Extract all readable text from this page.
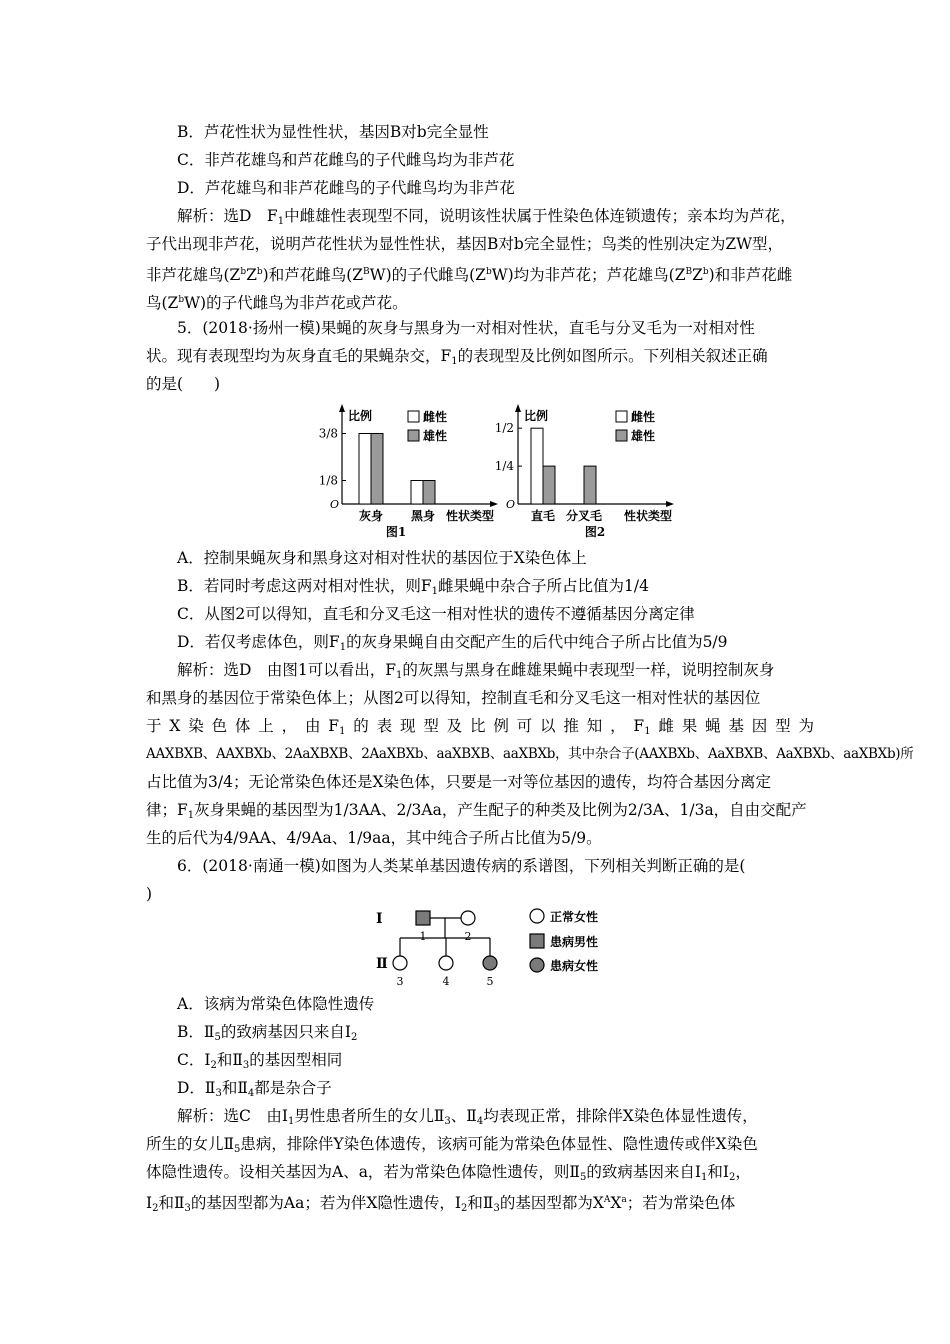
B．芦花性状为显性性状，基因B对b完全显性

C．非芦花雄鸟和芦花雌鸟的子代雌鸟均为非芦花

D．芦花雄鸟和非芦花雌鸟的子代雌鸟均为非芦花

解析：选D　$F_1$中雌雄性表现型不同，说明该性状属于性染色体连锁遗传；亲本均为芦花，

子代出现非芦花，说明芦花性状为显性性状，基因B对b完全显性；鸟类的性别决定为ZW型，

非芦花雄鸟$(Z^bZ^b)$和芦花雌鸟$(Z^BW)$的子代雌鸟$(Z^bW)$均为非芦花；芦花雄鸟$(Z^BZ^b)$和非芦花雌

鸟$(Z^bW)$的子代雌鸟为非芦花或芦花。

5．(2018·扬州一模)果蝇的灰身与黑身为一对相对性状，直毛与分叉毛为一对相对性

状。现有表现型均为灰身直毛的果蝇杂交，$F_1$的表现型及比例如图所示。下列相关叙述正确

的是(　　)

比例
O
3/8
1/8
灰身 黑身 性状类型
图1
雌性
雄性
比例
O
1/2
1/4
直毛 分叉毛 性状类型
图2
雌性
雄性

A．控制果蝇灰身和黑身这对相对性状的基因位于X染色体上

B．若同时考虑这两对相对性状，则$F_1$雌果蝇中杂合子所占比值为1/4

C．从图2可以得知，直毛和分叉毛这一相对性状的遗传不遵循基因分离定律

D．若仅考虑体色，则$F_1$的灰身果蝇自由交配产生的后代中纯合子所占比值为5/9

解析：选D　由图1可以看出，$F_1$的灰黑与黑身在雌雄果蝇中表现型一样，说明控制灰身

和黑身的基因位于常染色体上；从图2可以得知，控制直毛和分叉毛这一相对性状的基因位

于X染色体上，由$F_1$的表现型及比例可以推知，$F_1$雌果蝇基因型为

AAXBXB、AAXBXb、2AaXBXB、2AaXBXb、aaXBXB、aaXBXb，其中杂合子(AAXBXb、AaXBXB、AaXBXb、aaXBXb)所

占比值为3/4；无论常染色体还是X染色体，只要是一对等位基因的遗传，均符合基因分离定

律；$F_1$灰身果蝇的基因型为1/3AA、2/3Aa，产生配子的种类及比例为2/3A、1/3a，自由交配产

生的后代为4/9AA、4/9Aa、1/9aa，其中纯合子所占比值为5/9。

6．(2018·南通一模)如图为人类某单基因遗传病的系谱图，下列相关判断正确的是(

)

Ⅰ
Ⅱ
1	2
3	4	5
正常女性
患病男性
患病女性

A．该病为常染色体隐性遗传

B．$Ⅱ_5$的致病基因只来自$Ⅰ_2$

C．$Ⅰ_2$和$Ⅱ_3$的基因型相同

D．$Ⅱ_3$和$Ⅱ_4$都是杂合子

解析：选C　由$Ⅰ_1$男性患者所生的女儿$Ⅱ_3$、$Ⅱ_4$均表现正常，排除伴X染色体显性遗传，

所生的女儿$Ⅱ_5$患病，排除伴Y染色体遗传，该病可能为常染色体显性、隐性遗传或伴X染色

体隐性遗传。设相关基因为A、a，若为常染色体隐性遗传，则$Ⅱ_5$的致病基因来自$Ⅰ_1$和$Ⅰ_2$，

$Ⅰ_2$和$Ⅱ_3$的基因型都为Aa；若为伴X隐性遗传，$Ⅰ_2$和$Ⅱ_3$的基因型都为$X^AX^a$；若为常染色体
